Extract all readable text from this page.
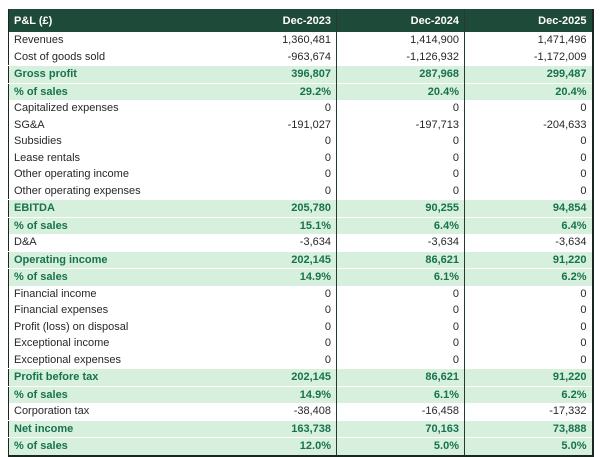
P&L (£)	Dec-2023	Dec-2024	Dec-2025
Revenues	1,360,481	1,414,900	1,471,496
Cost of goods sold	-963,674	-1,126,932	-1,172,009
Gross profit	396,807	287,968	299,487
% of sales	29.2%	20.4%	20.4%
Capitalized expenses	0	0	0
SG&A	-191,027	-197,713	-204,633
Subsidies	0	0	0
Lease rentals	0	0	0
Other operating income	0	0	0
Other operating expenses	0	0	0
EBITDA	205,780	90,255	94,854
% of sales	15.1%	6.4%	6.4%
D&A	-3,634	-3,634	-3,634
Operating income	202,145	86,621	91,220
% of sales	14.9%	6.1%	6.2%
Financial income	0	0	0
Financial expenses	0	0	0
Profit (loss) on disposal	0	0	0
Exceptional income	0	0	0
Exceptional expenses	0	0	0
Profit before tax	202,145	86,621	91,220
% of sales	14.9%	6.1%	6.2%
Corporation tax	-38,408	-16,458	-17,332
Net income	163,738	70,163	73,888
% of sales	12.0%	5.0%	5.0%
